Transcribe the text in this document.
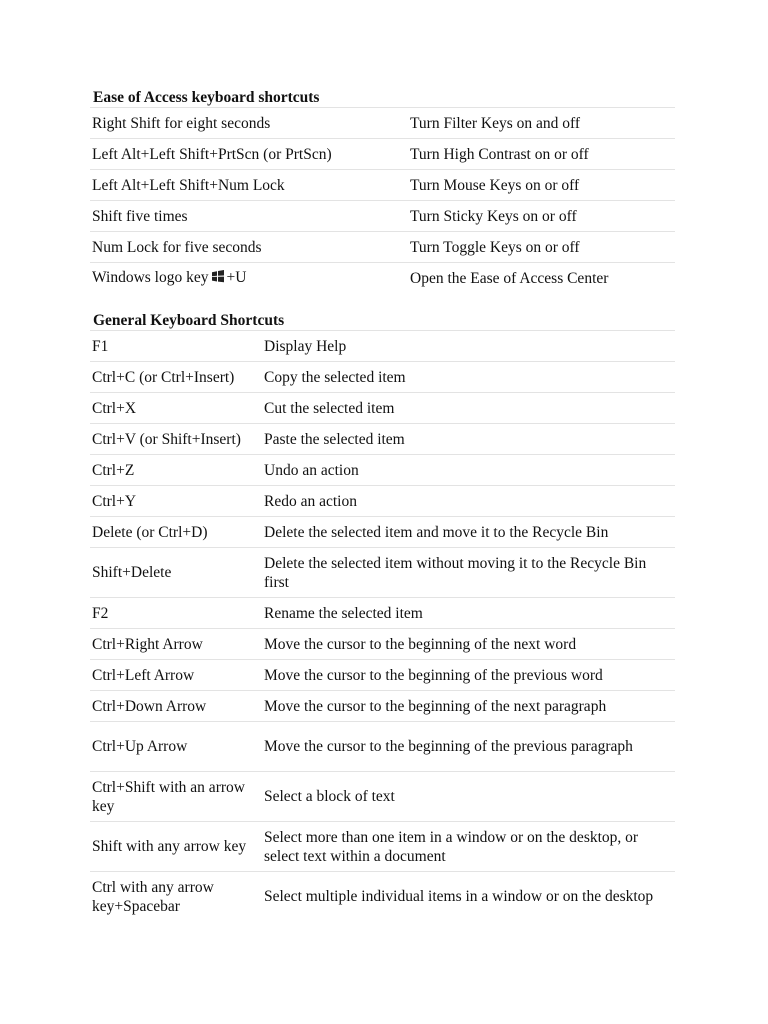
Ease of Access keyboard shortcuts
Right Shift for eight seconds	Turn Filter Keys on and off
Left Alt+Left Shift+PrtScn (or PrtScn)	Turn High Contrast on or off
Left Alt+Left Shift+Num Lock	Turn Mouse Keys on or off
Shift five times	Turn Sticky Keys on or off
Num Lock for five seconds	Turn Toggle Keys on or off
Windows logo key +U	Open the Ease of Access Center
General Keyboard Shortcuts
F1	Display Help
Ctrl+C (or Ctrl+Insert)	Copy the selected item
Ctrl+X	Cut the selected item
Ctrl+V (or Shift+Insert)	Paste the selected item
Ctrl+Z	Undo an action
Ctrl+Y	Redo an action
Delete (or Ctrl+D)	Delete the selected item and move it to the Recycle Bin
Shift+Delete	Delete the selected item without moving it to the Recycle Bin first
F2	Rename the selected item
Ctrl+Right Arrow	Move the cursor to the beginning of the next word
Ctrl+Left Arrow	Move the cursor to the beginning of the previous word
Ctrl+Down Arrow	Move the cursor to the beginning of the next paragraph
Ctrl+Up Arrow	Move the cursor to the beginning of the previous paragraph
Ctrl+Shift with an arrow key	Select a block of text
Shift with any arrow key	Select more than one item in a window or on the desktop, or select text within a document
Ctrl with any arrow key+Spacebar	Select multiple individual items in a window or on the desktop
